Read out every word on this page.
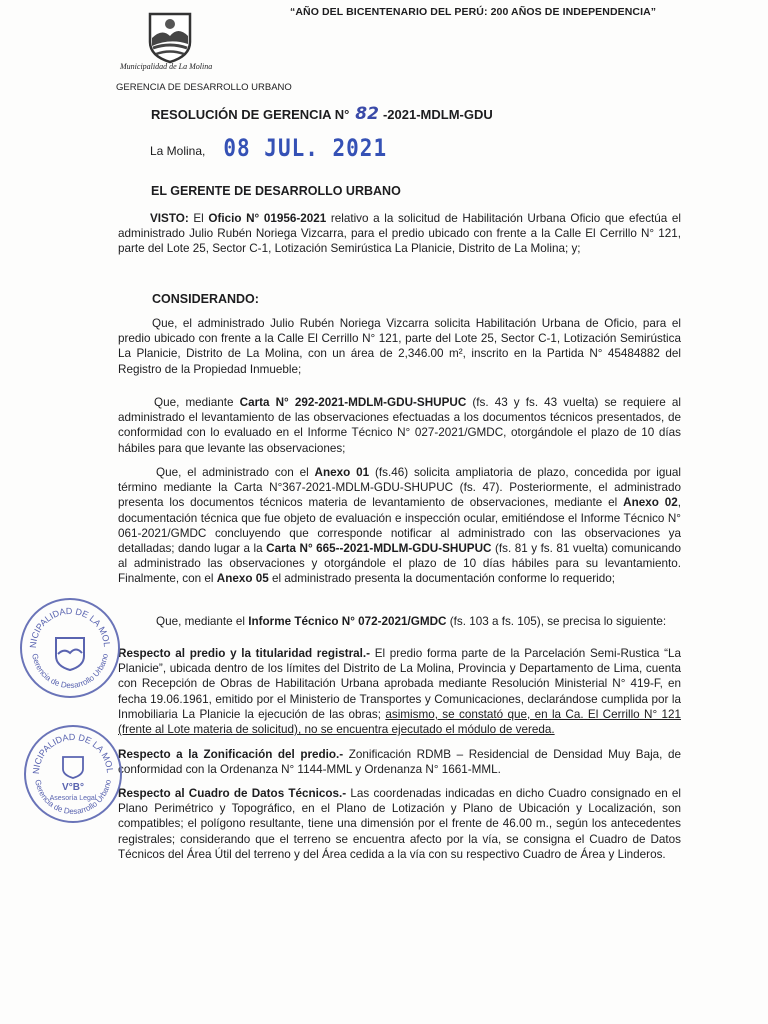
“AÑO DEL BICENTENARIO DEL PERÚ: 200 AÑOS DE INDEPENDENCIA”
Municipalidad de La Molina
GERENCIA DE DESARROLLO URBANO
RESOLUCIÓN DE GERENCIA N° 82 -2021-MDLM-GDU
La Molina, 08 JUL. 2021
EL GERENTE DE DESARROLLO URBANO
VISTO: El Oficio N° 01956-2021 relativo a la solicitud de Habilitación Urbana Oficio que efectúa el administrado Julio Rubén Noriega Vizcarra, para el predio ubicado con frente a la Calle El Cerrillo N° 121, parte del Lote 25, Sector C-1, Lotización Semirústica La Planicie, Distrito de La Molina; y;
CONSIDERANDO:
Que, el administrado Julio Rubén Noriega Vizcarra solicita Habilitación Urbana de Oficio, para el predio ubicado con frente a la Calle El Cerrillo N° 121, parte del Lote 25, Sector C-1, Lotización Semirústica La Planicie, Distrito de La Molina, con un área de 2,346.00 m², inscrito en la Partida N° 45484882 del Registro de la Propiedad Inmueble;
Que, mediante Carta N° 292-2021-MDLM-GDU-SHUPUC (fs. 43 y fs. 43 vuelta) se requiere al administrado el levantamiento de las observaciones efectuadas a los documentos técnicos presentados, de conformidad con lo evaluado en el Informe Técnico N° 027-2021/GMDC, otorgándole el plazo de 10 días hábiles para que levante las observaciones;
Que, el administrado con el Anexo 01 (fs.46) solicita ampliatoria de plazo, concedida por igual término mediante la Carta N°367-2021-MDLM-GDU-SHUPUC (fs. 47). Posteriormente, el administrado presenta los documentos técnicos materia de levantamiento de observaciones, mediante el Anexo 02, documentación técnica que fue objeto de evaluación e inspección ocular, emitiéndose el Informe Técnico N° 061-2021/GMDC concluyendo que corresponde notificar al administrado con las observaciones ya detalladas; dando lugar a la Carta N° 665--2021-MDLM-GDU-SHUPUC (fs. 81 y fs. 81 vuelta) comunicando al administrado las observaciones y otorgándole el plazo de 10 días hábiles para su levantamiento. Finalmente, con el Anexo 05 el administrado presenta la documentación conforme lo requerido;
Que, mediante el Informe Técnico N° 072-2021/GMDC (fs. 103 a fs. 105), se precisa lo siguiente:
Respecto al predio y la titularidad registral.- El predio forma parte de la Parcelación Semi-Rustica “La Planicie”, ubicada dentro de los límites del Distrito de La Molina, Provincia y Departamento de Lima, cuenta con Recepción de Obras de Habilitación Urbana aprobada mediante Resolución Ministerial N° 419-F, en fecha 19.06.1961, emitido por el Ministerio de Transportes y Comunicaciones, declarándose cumplida por la Inmobiliaria La Planicie la ejecución de las obras; asimismo, se constató que, en la Ca. El Cerrillo N° 121 (frente al Lote materia de solicitud), no se encuentra ejecutado el módulo de vereda.
Respecto a la Zonificación del predio.- Zonificación RDMB – Residencial de Densidad Muy Baja, de conformidad con la Ordenanza N° 1144-MML y Ordenanza N° 1661-MML.
Respecto al Cuadro de Datos Técnicos.- Las coordenadas indicadas en dicho Cuadro consignado en el Plano Perimétrico y Topográfico, en el Plano de Lotización y Plano de Ubicación y Localización, son compatibles; el polígono resultante, tiene una dimensión por el frente de 46.00 m., según los antecedentes registrales; considerando que el terreno se encuentra afecto por la vía, se consigna el Cuadro de Datos Técnicos del Área Útil del terreno y del Área cedida a la vía con su respectivo Cuadro de Área y Linderos.
NICIPALIDAD DE LA MOL
Gerencia de Desarrollo Urbano
NICIPALIDAD DE LA MOL
Gerencia de Desarrollo Urbano
V°B°
Asesoría Legal
